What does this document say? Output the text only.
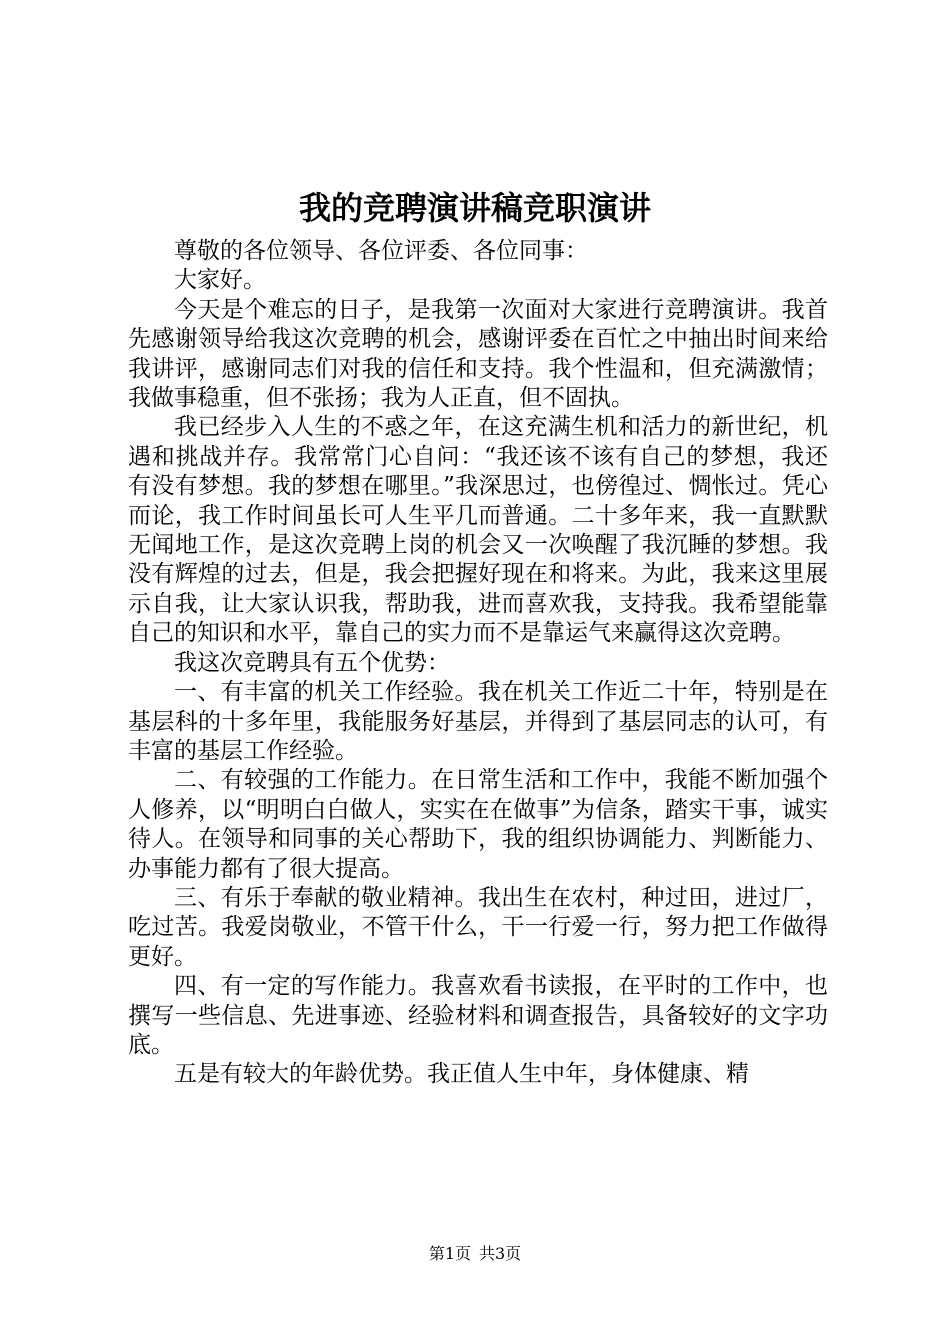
我的竞聘演讲稿竞职演讲

尊敬的各位领导、各位评委、各位同事：

大家好。

今天是个难忘的日子，是我第一次面对大家进行竞聘演讲。我首先感谢领导给我这次竞聘的机会，感谢评委在百忙之中抽出时间来给我讲评，感谢同志们对我的信任和支持。我个性温和，但充满激情；我做事稳重，但不张扬；我为人正直，但不固执。

我已经步入人生的不惑之年，在这充满生机和活力的新世纪，机遇和挑战并存。我常常门心自问：“我还该不该有自己的梦想，我还有没有梦想。我的梦想在哪里。”我深思过，也傍徨过、惆怅过。凭心而论，我工作时间虽长可人生平几而普通。二十多年来，我一直默默无闻地工作，是这次竞聘上岗的机会又一次唤醒了我沉睡的梦想。我没有辉煌的过去，但是，我会把握好现在和将来。为此，我来这里展示自我，让大家认识我，帮助我，进而喜欢我，支持我。我希望能靠自己的知识和水平，靠自己的实力而不是靠运气来赢得这次竞聘。

我这次竞聘具有五个优势：

一、有丰富的机关工作经验。我在机关工作近二十年，特别是在基层科的十多年里，我能服务好基层，并得到了基层同志的认可，有丰富的基层工作经验。

二、有较强的工作能力。在日常生活和工作中，我能不断加强个人修养，以“明明白白做人，实实在在做事”为信条，踏实干事，诚实待人。在领导和同事的关心帮助下，我的组织协调能力、判断能力、办事能力都有了很大提高。

三、有乐于奉献的敬业精神。我出生在农村，种过田，进过厂，吃过苦。我爱岗敬业，不管干什么，干一行爱一行，努力把工作做得更好。

四、有一定的写作能力。我喜欢看书读报，在平时的工作中，也撰写一些信息、先进事迹、经验材料和调查报告，具备较好的文字功底。

五是有较大的年龄优势。我正值人生中年，身体健康、精

第1页 共3页
